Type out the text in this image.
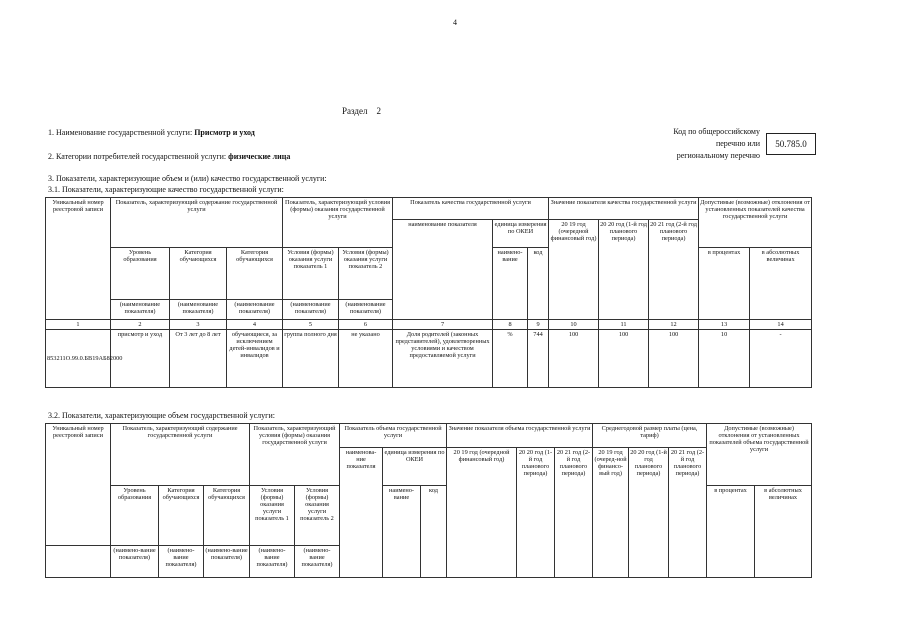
4
Раздел 2
1. Наименование государственной услуги: Присмотр и уход
2. Категории потребителей государственной услуги: физические лица
Код по общероссийскому
перечню или
региональному перечню
50.785.0
3. Показатели, характеризующие объем и (или) качество государственной услуги:
3.1. Показатели, характеризующие качество государственной услуги:
Уникальный номер реестровой записи	Показатель, характеризующий содержание государственной услуги			Показатель, характеризующий условия (формы) оказания государственной услуги		Показатель качества государственной услуги			Значение показателя качества государственной услуги			Допустимые (возможные) отклонения от установленных показателей качества государственной услуги	
						наименование показателя	единица измерения по ОКЕИ		20 19 год (очередной финансовый год)	20 20 год (1-й год планового периода)	20 21 год (2-й год планового периода)		
	Уровень образования	Категория обучающихся	Категория обучающихся	Условия (формы) оказания услуги показатель 1	Условия (формы) оказания услуги показатель 2		наимено-вание	код				в процентах	в абсолютных величинах
	(наименование показателя)	(наименование показателя)	(наименование показателя)	(наименование показателя)	(наименование показателя)								
1	2	3	4	5	6	7	8	9	10	11	12	13	14
853211О.99.0.БВ19АБ82000	присмотр и уход	От 3 лет до 8 лет	обучающиеся, за исключением детей-инвалидов и инвалидов	группа полного дня	не указано	Доля родителей (законных представителей), удовлетворенных условиями и качеством предоставляемой услуги	%	744	100	100	100	10	-
3.2. Показатели, характеризующие объем государственной услуги:
Уникальный номер реестровой записи	Показатель, характеризующий содержание государственной услуги			Показатель, характеризующий условия (формы) оказания государственной услуги		Показатель объема государственной услуги			Значение показателя объема государственной услуги			Среднегодовой размер платы (цена, тариф)			Допустимые (возможные) отклонения от установленных показателей объема государственной услуги	
						наименова-ние показателя	единица измерения по ОКЕИ		20 19 год (очередной финансовый год)	20 20 год (1-й год планового периода)	20 21 год (2-й год планового периода)	20 19 год (очеред-ной финансо-вый год)	20 20 год (1-й год планового периода)	20 21 год (2-й год планового периода)		
	Уровень образования	Категория обучающихся	Категория обучающихся	Условия (формы) оказания услуги показатель 1	Условия (формы) оказания услуги показатель 2		наимено-вание	код							в процентах	в абсолютных величинах
	(наимено-вание показателя)	(наимено-вание показателя)	(наимено-вание показателя)	(наимено-вание показателя)	(наимено-вание показателя)											
